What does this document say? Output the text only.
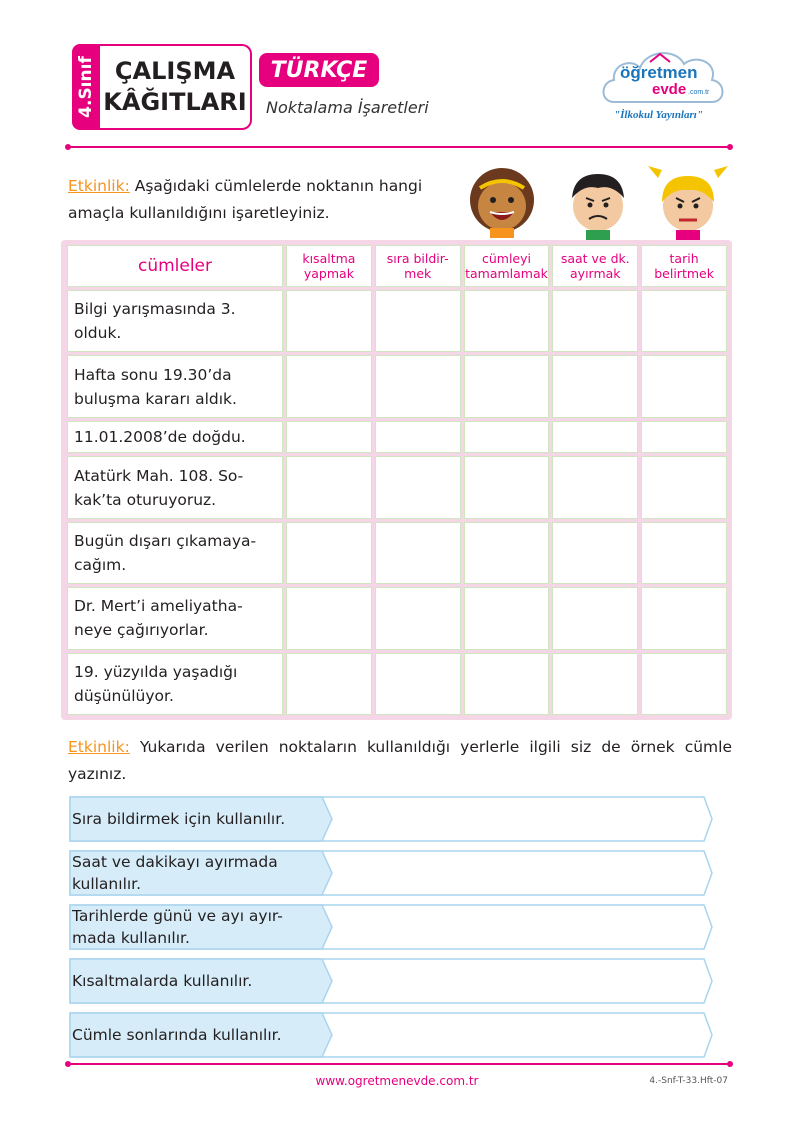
4.Sınıf ÇALIŞMA
KÂĞITLARI
TÜRKÇE
Noktalama İşaretleri
öğretmen
evde .com.tr
"İlkokul Yayınları"
Etkinlik: Aşağıdaki cümlelerde noktanın hangi amaçla kullanıldığını işaretleyiniz.
cümleler	kısaltma yapmak	sıra bildir-mek	cümleyi tamamlamak	saat ve dk. ayırmak	tarih belirtmek
Bilgi yarışmasında 3. olduk.					
Hafta sonu 19.30’da buluşma kararı aldık.					
11.01.2008’de doğdu.					
Atatürk Mah. 108. So-kak’ta oturuyoruz.					
Bugün dışarı çıkamaya-cağım.					
Dr. Mert’i ameliyatha-neye çağırıyorlar.					
19. yüzyılda yaşadığı düşünülüyor.					
Etkinlik: Yukarıda verilen noktaların kullanıldığı yerlerle ilgili siz de örnek cümle yazınız.
Sıra bildirmek için kullanılır.
Saat ve dakikayı ayırmada kullanılır.
Tarihlerde günü ve ayı ayır-mada kullanılır.
Kısaltmalarda kullanılır.
Cümle sonlarında kullanılır.
www.ogretmenevde.com.tr	4.-Snf-T-33.Hft-07
